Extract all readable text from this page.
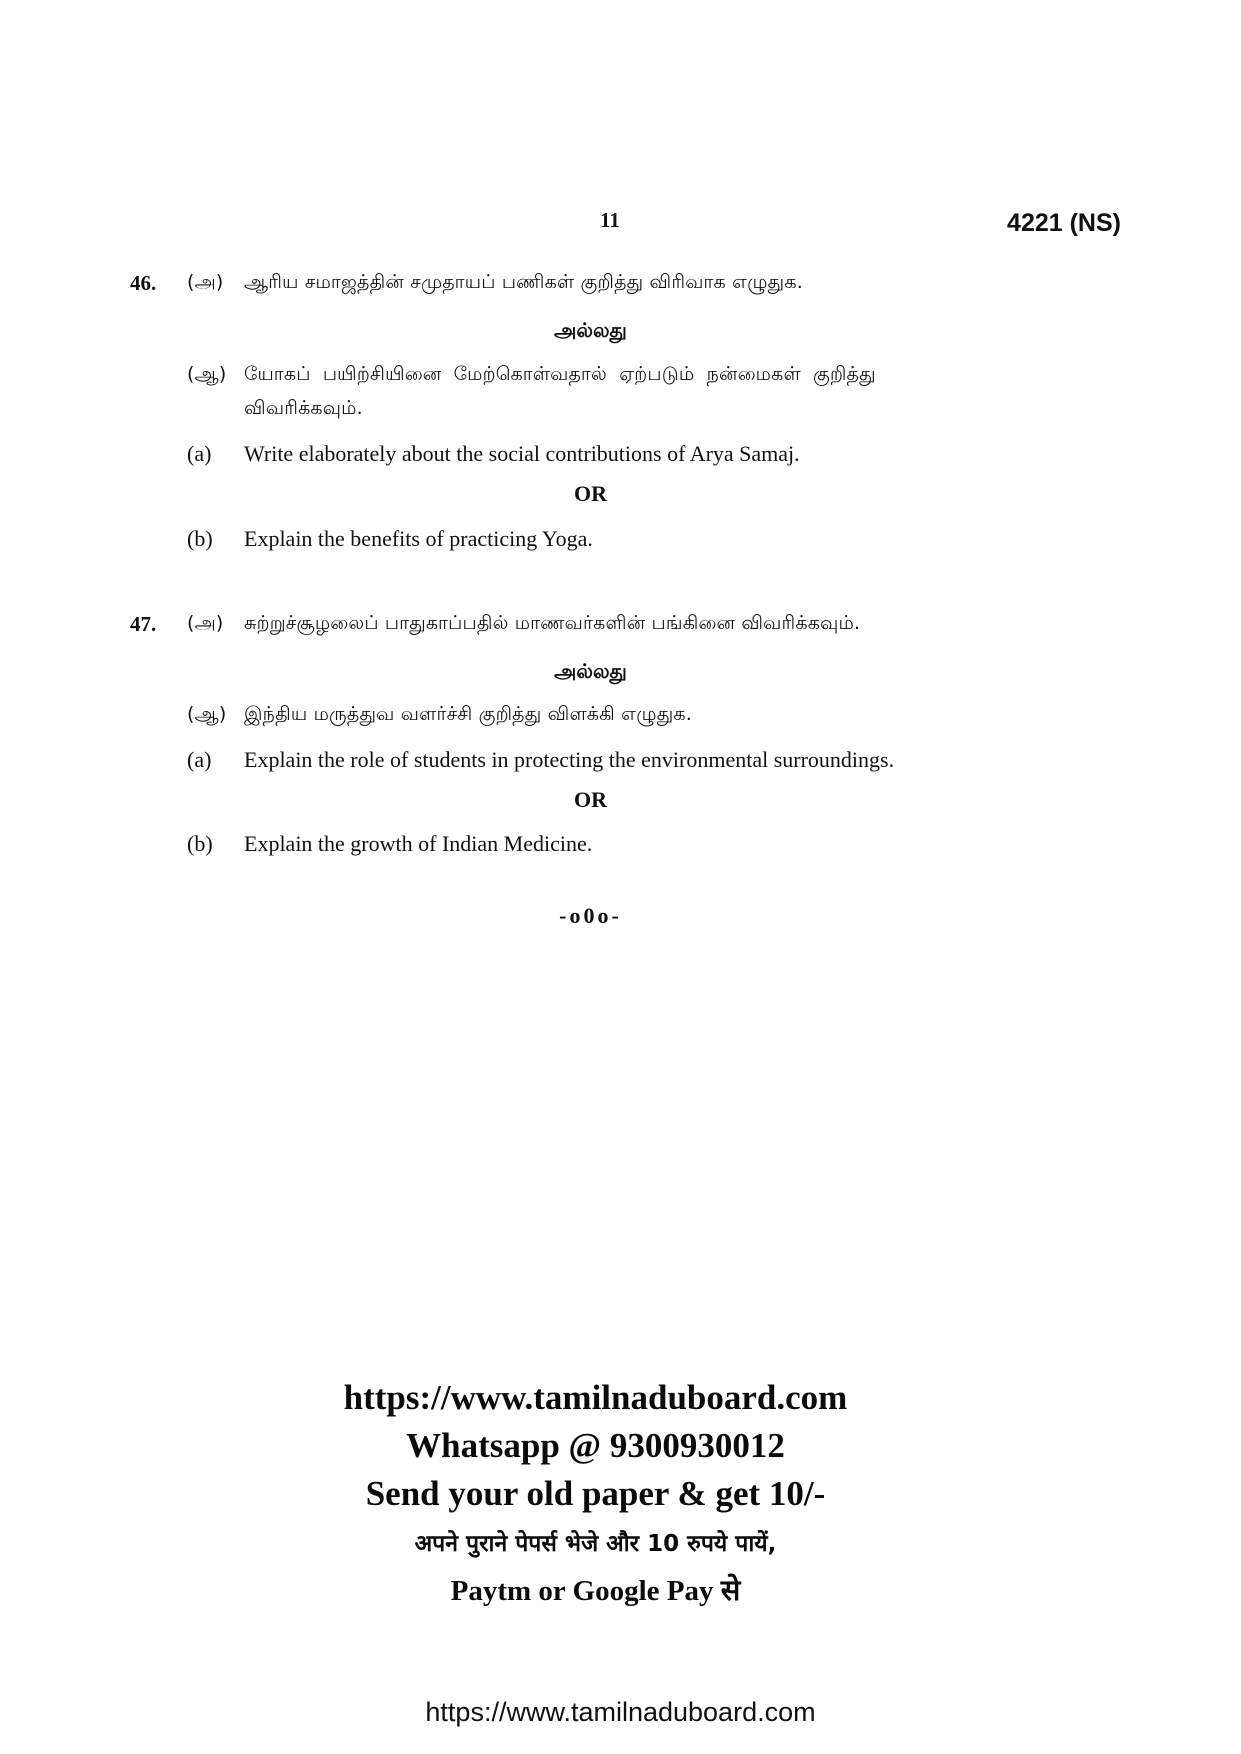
11	4221 (NS)
46. (அ) ஆரிய சமாஜத்தின் சமுதாயப் பணிகள் குறித்து விரிவாக எழுதுக.
அல்லது
(ஆ) யோகப் பயிற்சியினை மேற்கொள்வதால் ஏற்படும் நன்மைகள் குறித்து
விவரிக்கவும்.
(a) Write elaborately about the social contributions of Arya Samaj.
OR
(b) Explain the benefits of practicing Yoga.
47. (அ) சுற்றுச்சூழலைப் பாதுகாப்பதில் மாணவர்களின் பங்கினை விவரிக்கவும்.
அல்லது
(ஆ) இந்திய மருத்துவ வளர்ச்சி குறித்து விளக்கி எழுதுக.
(a) Explain the role of students in protecting the environmental surroundings.
OR
(b) Explain the growth of Indian Medicine.
-o0o-
https://www.tamilnaduboard.com
Whatsapp @ 9300930012
Send your old paper & get 10/-
अपने पुराने पेपर्स भेजे और 10 रुपये पायें,
Paytm or Google Pay से
https://www.tamilnaduboard.com
